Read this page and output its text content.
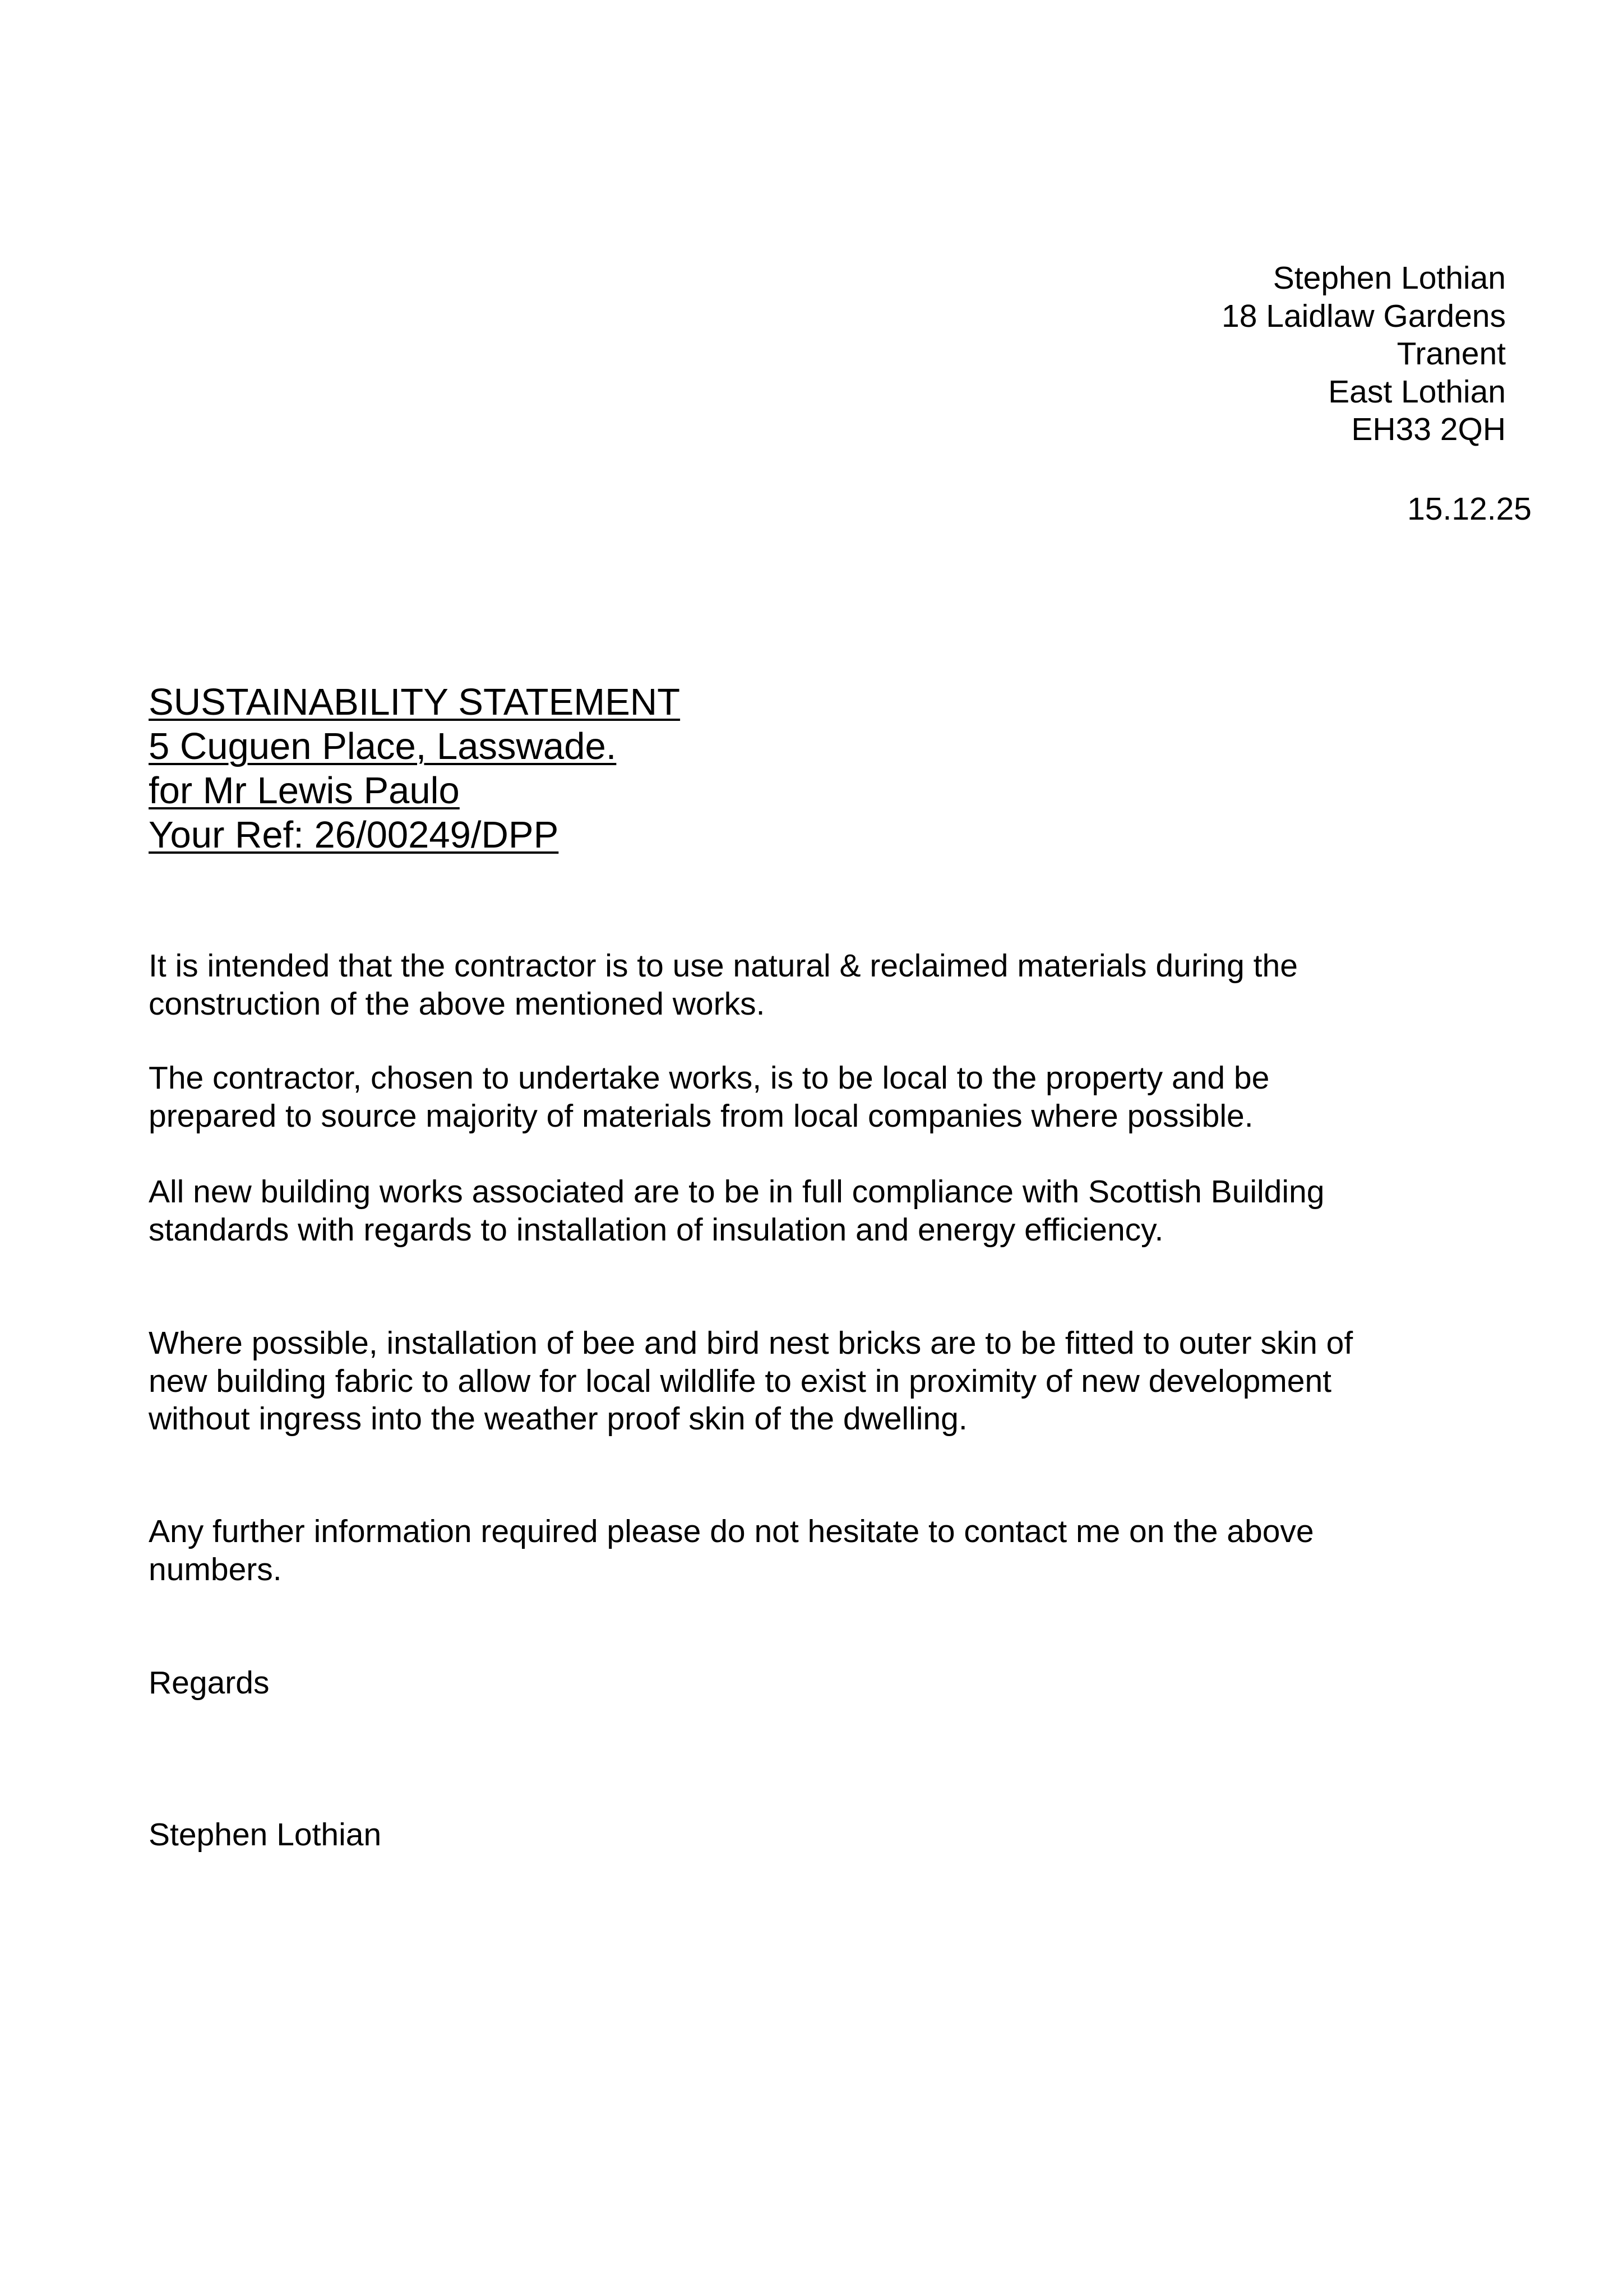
Stephen Lothian
18 Laidlaw Gardens
Tranent
East Lothian
EH33 2QH
15.12.25
SUSTAINABILITY STATEMENT
5 Cuguen Place, Lasswade.
for Mr Lewis Paulo
Your Ref: 26/00249/DPP

It is intended that the contractor is to use natural & reclaimed materials during the
construction of the above mentioned works.

The contractor, chosen to undertake works, is to be local to the property and be
prepared to source majority of materials from local companies where possible.

All new building works associated are to be in full compliance with Scottish Building
standards with regards to installation of insulation and energy efficiency.

Where possible, installation of bee and bird nest bricks are to be fitted to outer skin of
new building fabric to allow for local wildlife to exist in proximity of new development
without ingress into the weather proof skin of the dwelling.

Any further information required please do not hesitate to contact me on the above
numbers.

Regards
Stephen Lothian
